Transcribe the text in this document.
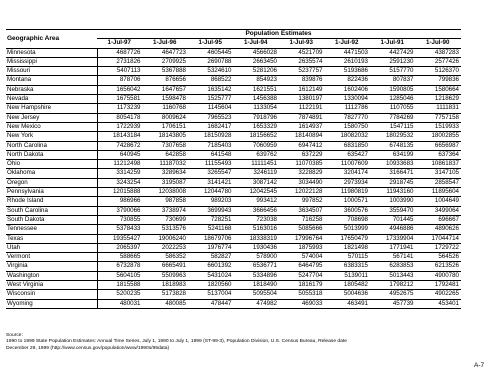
Geographic Area	Population Estimates							
	1-Jul-97	1-Jul-96	1-Jul-95	1-Jul-94	1-Jul-93	1-Jul-92	1-Jul-91	1-Jul-90
Minnesota	4687726	4647723	4605445	4566028	4521709	4471503	4427429	4387283
Mississippi	2731826	2709925	2690788	2663450	2635574	2610193	2591230	2577426
Missouri	5407113	5367888	5324610	5281206	5237757	5193686	5157770	5126370
Montana	878706	876656	868522	854923	839876	822436	807837	799836
Nebraska	1656042	1647657	1635142	1621551	1612149	1602406	1590805	1580664
Nevada	1675581	1598478	1525777	1456388	1380197	1330094	1285046	1218629
New Hampshire	1173239	1160768	1145604	1133054	1122191	1112786	1107055	1111831
New Jersey	8054178	8009624	7965523	7918796	7874891	7827770	7784269	7757158
New Mexico	1722939	1706151	1682417	1653329	1614937	1580750	1547115	1519933
New York	18143184	18143805	18150928	18156652	18140894	18082032	18029532	18002855
North Carolina	7428672	7307658	7185403	7060959	6947412	6831850	6748135	6656987
North Dakota	640945	642858	641548	639762	637229	635427	634199	637364
Ohio	11212498	11187032	11155493	11111451	11070385	11007609	10933683	10861837
Oklahoma	3314259	3289634	3265547	3246119	3228829	3204174	3166471	3147105
Oregon	3243254	3195087	3141421	3087142	3034490	2973934	2918745	2858547
Pennsylvania	12015888	12038008	12044780	12042545	12022128	11980819	11943160	11895604
Rhode Island	986966	987858	989203	993412	997852	1000571	1003990	1004649
South Carolina	3790066	3738974	3699943	3666456	3634507	3600576	3559470	3499064
South Dakota	730855	730699	728251	723038	716258	708698	701445	696667
Tennessee	5378433	5313576	5241168	5163016	5085666	5013999	4946886	4890626
Texas	19355427	19006240	18679706	18338319	17996764	17650479	17339904	17044714
Utah	2065397	2022253	1976774	1930436	1875993	1821498	1771941	1729722
Vermont	588665	586352	582827	578900	574004	570115	567141	564526
Virginia	6732878	6665491	6601392	6536771	6464795	6383315	6283853	6213526
Washington	5604105	5509963	5431024	5334896	5247704	5139011	5013443	4900780
West Virginia	1815588	1818983	1820560	1818490	1816179	1805482	1798212	1792481
Wisconsin	5200235	5173828	5137004	5095504	5055318	5004636	4952675	4902265
Wyoming	480031	480085	478447	474982	469033	463491	457739	453401
Source:
1990 to 1999 State Population Estimates: Annual Time Series, July 1, 1990 to July 1, 1999 (ST-99-3), Population Division, U.S. Census Bureau, Release date
December 29, 1999 (http://www.census.gov/population/www/1990s/99data)
A-7
